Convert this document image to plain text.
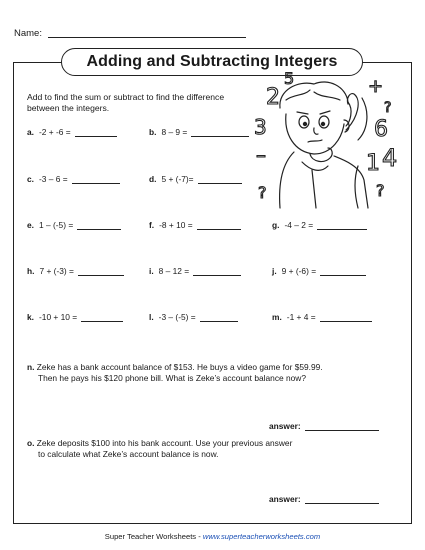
Name:
Adding and Subtracting Integers
Add to find the sum or subtract to find the difference between the integers.
a. -2 + -6 =	b. 8 – 9 =
c. -3 – 6 =	d. 5 + (-7)=
e. 1 – (-5) =	f. -8 + 10 =	g. -4 – 2 =
h. 7 + (-3) =	i. 8 – 12 =	j. 9 + (-6) =
k. -10 + 10 =	l. -3 – (-5) =	m. -1 + 4 =
n. Zeke has a bank account balance of $153. He buys a video game for $59.99.
Then he pays his $120 phone bill. What is Zeke’s account balance now?
answer:
o. Zeke deposits $100 into his bank account. Use your previous answer
to calculate what Zeke’s account balance is now.
answer:
2
5	+
3	6
–
?
1 4
?	?
Super Teacher Worksheets - www.superteacherworksheets.com
